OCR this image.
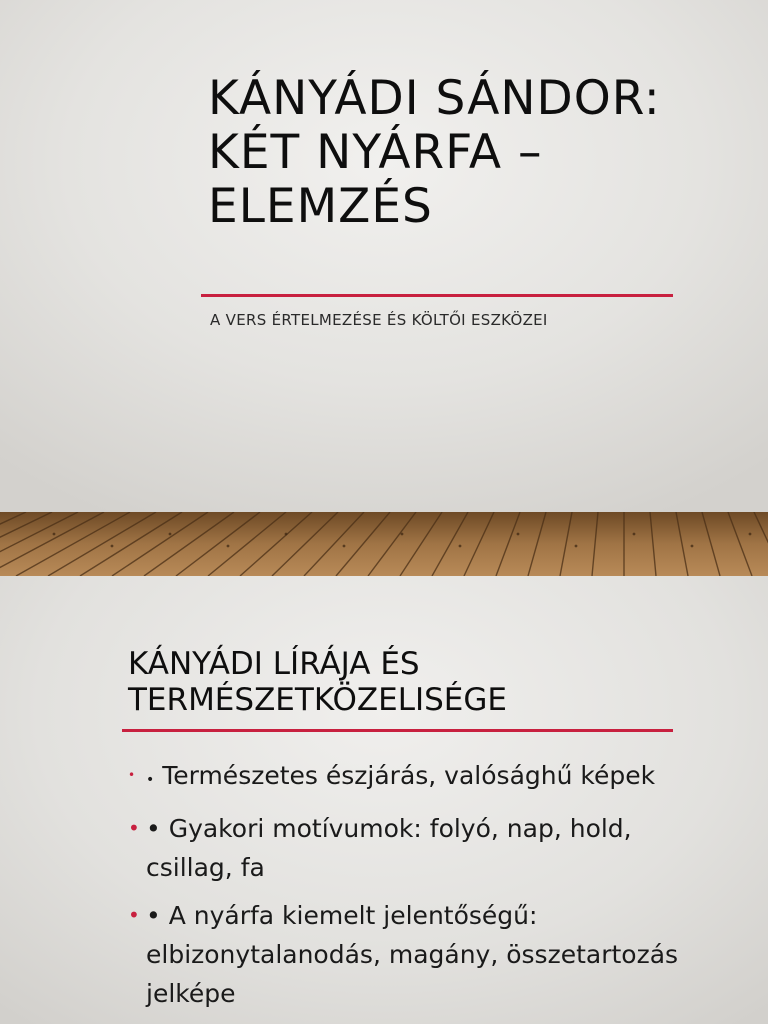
KÁNYÁDI SÁNDOR: KÉT NYÁRFA – ELEMZÉS
A VERS ÉRTELMEZÉSE ÉS KÖLTŐI ESZKÖZEI
KÁNYÁDI LÍRÁJA ÉS TERMÉSZETKÖZELISÉGE
• • Természetes észjárás, valósághű képek
• • Gyakori motívumok: folyó, nap, hold, csillag, fa
• • A nyárfa kiemelt jelentőségű: elbizonytalanodás, magány, összetartozás jelképe
